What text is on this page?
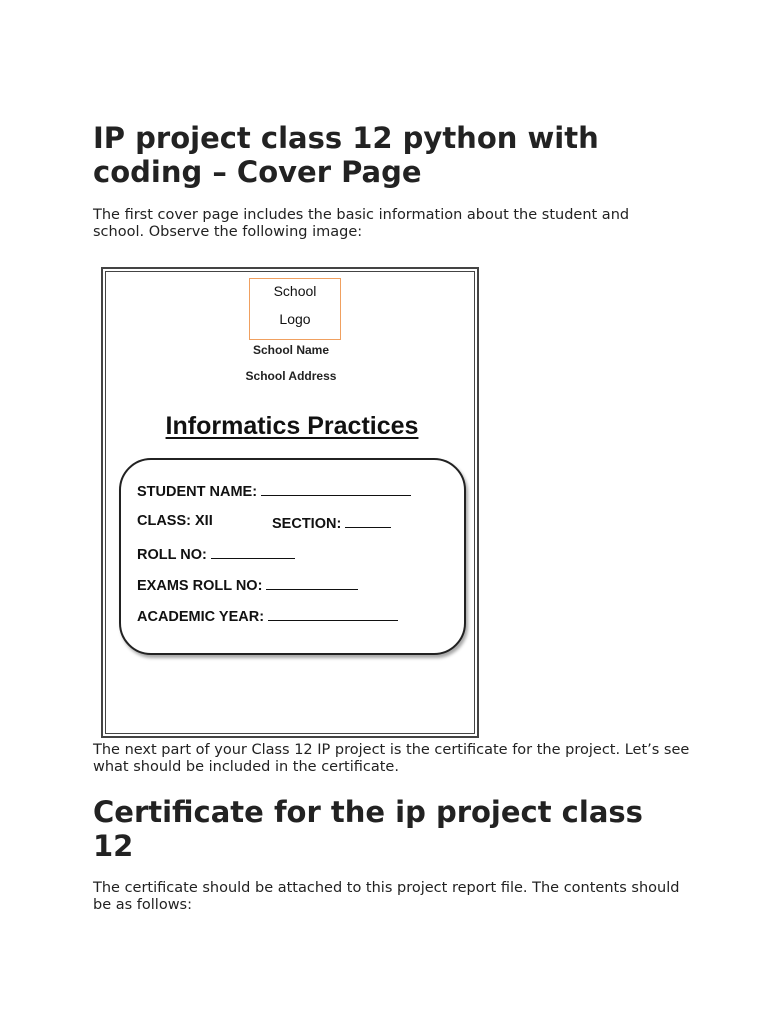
IP project class 12 python with coding – Cover Page

The first cover page includes the basic information about the student and school. Observe the following image:

School
Logo
School Name
School Address
Informatics Practices
STUDENT NAME:
CLASS: XII	SECTION:
ROLL NO:
EXAMS ROLL NO:
ACADEMIC YEAR:

The next part of your Class 12 IP project is the certificate for the project. Let’s see what should be included in the certificate.

Certificate for the ip project class 12

The certificate should be attached to this project report file. The contents should be as follows:
